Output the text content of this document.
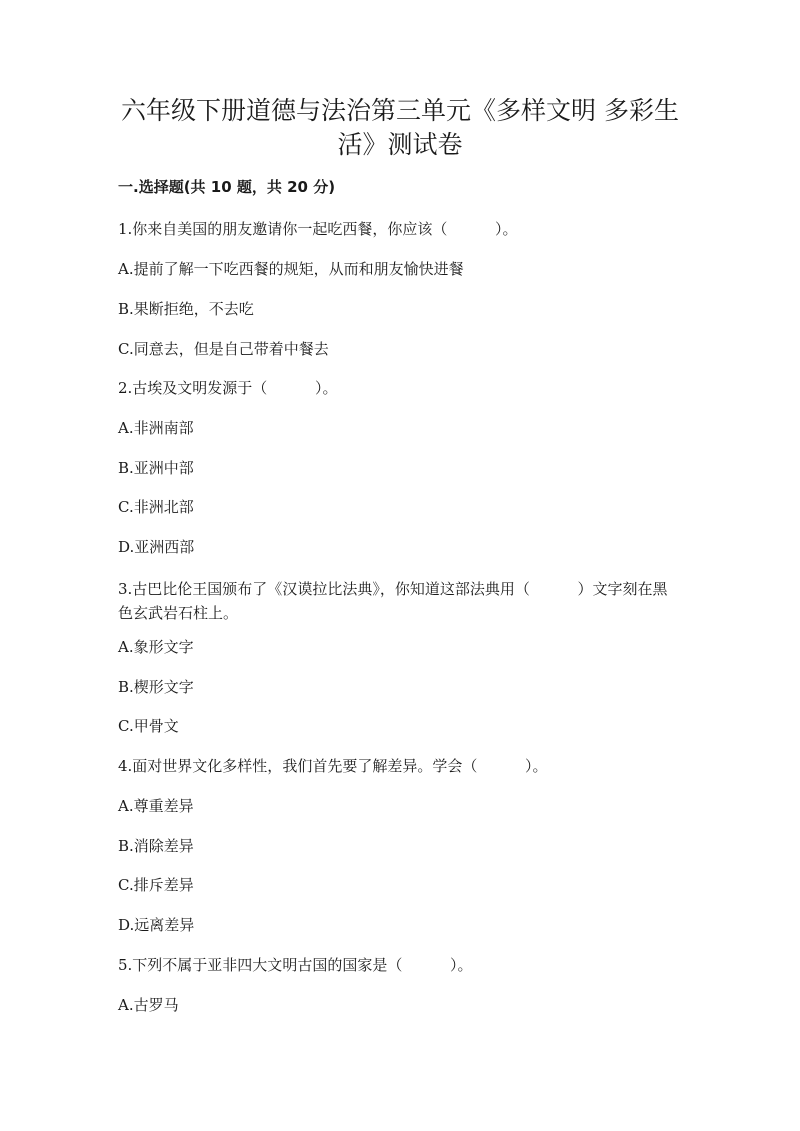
六年级下册道德与法治第三单元《多样文明 多彩生活》测试卷
一.选择题(共 10 题，共 20 分)
1.你来自美国的朋友邀请你一起吃西餐，你应该（          ）。
A.提前了解一下吃西餐的规矩，从而和朋友愉快进餐
B.果断拒绝，不去吃
C.同意去，但是自己带着中餐去
2.古埃及文明发源于（          ）。
A.非洲南部
B.亚洲中部
C.非洲北部
D.亚洲西部
3.古巴比伦王国颁布了《汉谟拉比法典》，你知道这部法典用（          ）文字刻在黑色玄武岩石柱上。
A.象形文字
B.楔形文字
C.甲骨文
4.面对世界文化多样性，我们首先要了解差异。学会（          ）。
A.尊重差异
B.消除差异
C.排斥差异
D.远离差异
5.下列不属于亚非四大文明古国的国家是（          ）。
A.古罗马
